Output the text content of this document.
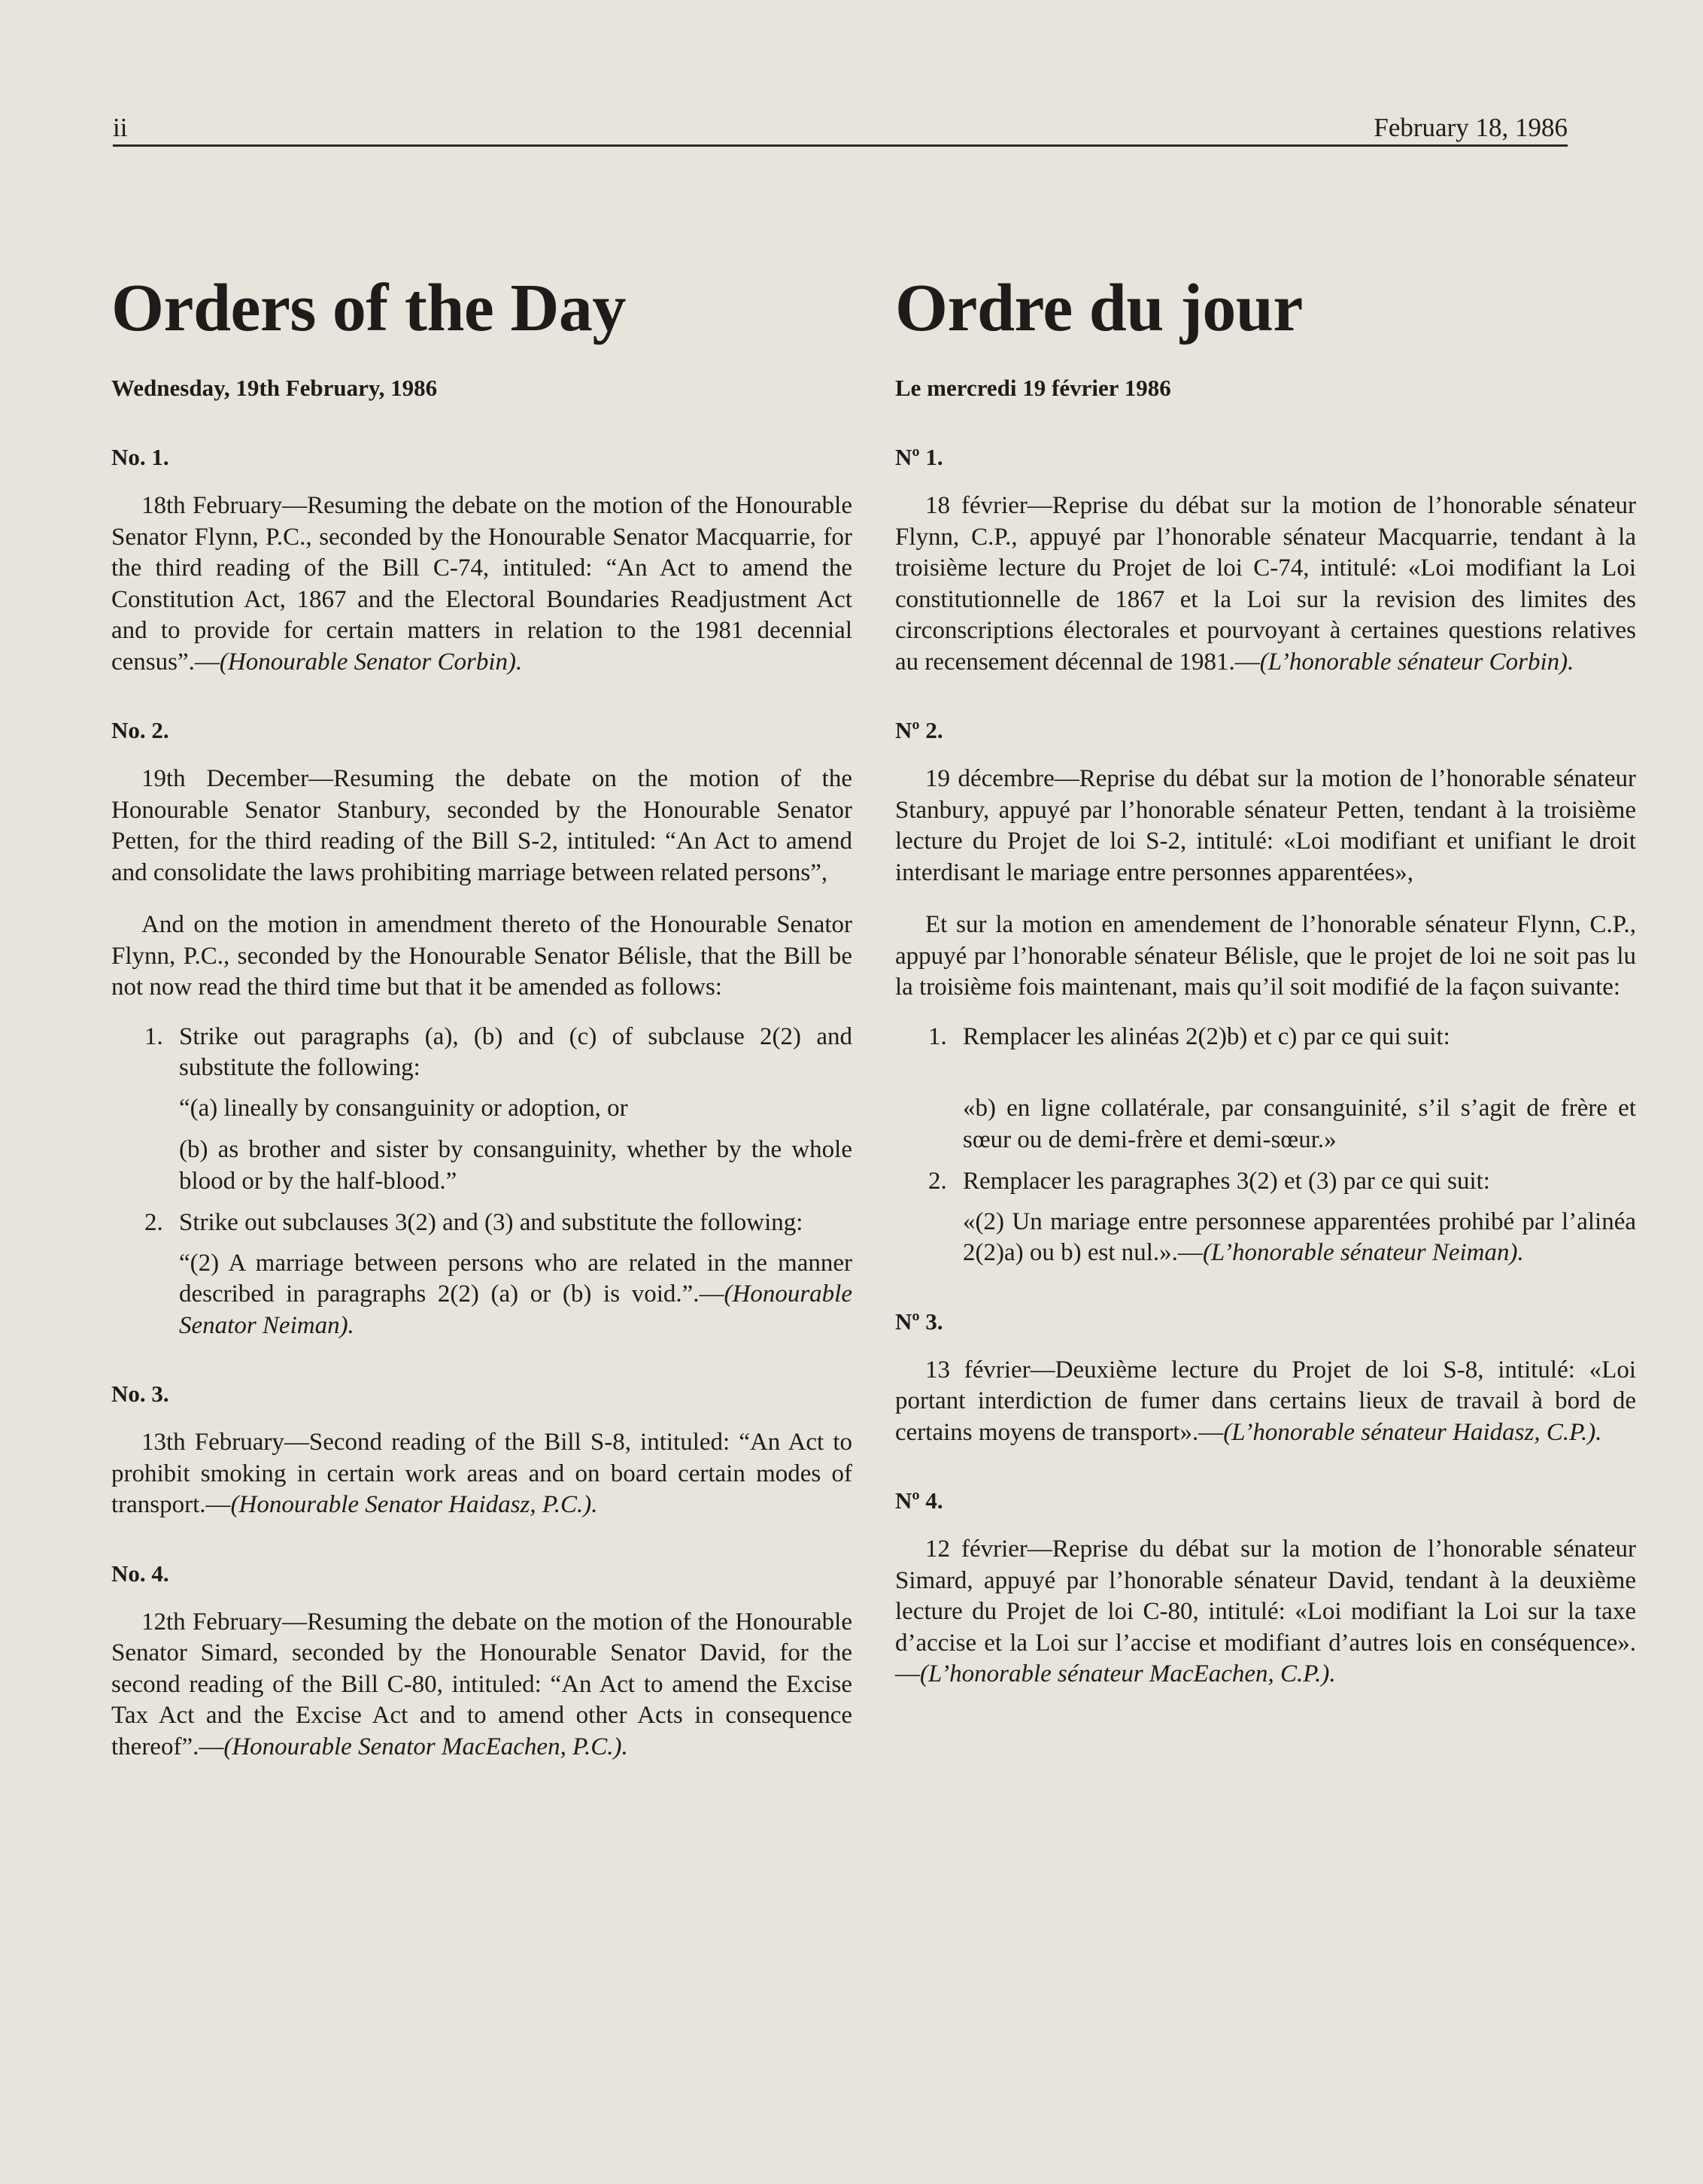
ii	February 18, 1986
Orders of the Day
Wednesday, 19th February, 1986
No. 1.

18th February—Resuming the debate on the motion of the Honourable Senator Flynn, P.C., seconded by the Honourable Senator Macquarrie, for the third reading of the Bill C-74, intituled: “An Act to amend the Constitution Act, 1867 and the Electoral Boundaries Readjustment Act and to provide for certain matters in relation to the 1981 decennial census”.—(Honourable Senator Corbin).

No. 2.

19th December—Resuming the debate on the motion of the Honourable Senator Stanbury, seconded by the Honourable Senator Petten, for the third reading of the Bill S-2, intituled: “An Act to amend and consolidate the laws prohibiting marriage between related persons”,

And on the motion in amendment thereto of the Honourable Senator Flynn, P.C., seconded by the Honourable Senator Bélisle, that the Bill be not now read the third time but that it be amended as follows:

1. Strike out paragraphs (a), (b) and (c) of subclause 2(2) and substitute the following:
“(a) lineally by consanguinity or adoption, or
(b) as brother and sister by consanguinity, whether by the whole blood or by the half-blood.”
2. Strike out subclauses 3(2) and (3) and substitute the following:
“(2) A marriage between persons who are related in the manner described in paragraphs 2(2) (a) or (b) is void.”.—(Honourable Senator Neiman).
No. 3.

13th February—Second reading of the Bill S-8, intituled: “An Act to prohibit smoking in certain work areas and on board certain modes of transport.—(Honourable Senator Haidasz, P.C.).

No. 4.

12th February—Resuming the debate on the motion of the Honourable Senator Simard, seconded by the Honourable Senator David, for the second reading of the Bill C-80, intituled: “An Act to amend the Excise Tax Act and the Excise Act and to amend other Acts in consequence thereof”.—(Honourable Senator MacEachen, P.C.).

Ordre du jour
Le mercredi 19 février 1986
Nº 1.

18 février—Reprise du débat sur la motion de l’honorable sénateur Flynn, C.P., appuyé par l’honorable sénateur Macquarrie, tendant à la troisième lecture du Projet de loi C-74, intitulé: «Loi modifiant la Loi constitutionnelle de 1867 et la Loi sur la revision des limites des circonscriptions électorales et pourvoyant à certaines questions relatives au recensement décennal de 1981.—(L’honorable sénateur Corbin).

Nº 2.

19 décembre—Reprise du débat sur la motion de l’honorable sénateur Stanbury, appuyé par l’honorable sénateur Petten, tendant à la troisième lecture du Projet de loi S-2, intitulé: «Loi modifiant et unifiant le droit interdisant le mariage entre personnes apparentées»,

Et sur la motion en amendement de l’honorable sénateur Flynn, C.P., appuyé par l’honorable sénateur Bélisle, que le projet de loi ne soit pas lu la troisième fois maintenant, mais qu’il soit modifié de la façon suivante:

1. Remplacer les alinéas 2(2)b) et c) par ce qui suit:
«b) en ligne collatérale, par consanguinité, s’il s’agit de frère et sœur ou de demi-frère et demi-sœur.»
2. Remplacer les paragraphes 3(2) et (3) par ce qui suit:
«(2) Un mariage entre personnese apparentées prohibé par l’alinéa 2(2)a) ou b) est nul.».—(L’honorable sénateur Neiman).
Nº 3.

13 février—Deuxième lecture du Projet de loi S-8, intitulé: «Loi portant interdiction de fumer dans certains lieux de travail à bord de certains moyens de transport».—(L’honorable sénateur Haidasz, C.P.).

Nº 4.

12 février—Reprise du débat sur la motion de l’honorable sénateur Simard, appuyé par l’honorable sénateur David, tendant à la deuxième lecture du Projet de loi C-80, intitulé: «Loi modifiant la Loi sur la taxe d’accise et la Loi sur l’accise et modifiant d’autres lois en conséquence».—(L’honorable sénateur MacEachen, C.P.).
